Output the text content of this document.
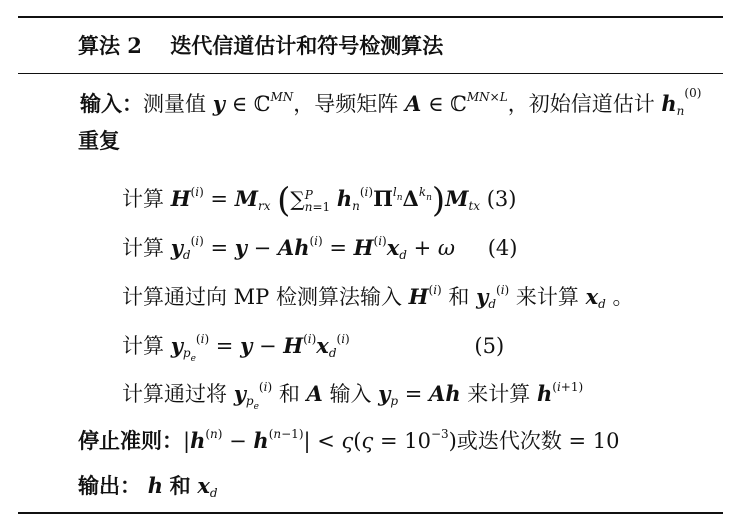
算法 2　 迭代信道估计和符号检测算法
输入：测量值 y ∈ ℂ$^{MN}$，导频矩阵 A ∈ ℂ$^{MN\times L}$，初始信道估计 $h_n^{(0)}$
重复
计算 $H^{(i)} = M_{rx}$ (∑P
n=1 $h_n^{(i)}\Pi^{l_n}\Delta^{k_n})M_{tx}$ (3)
计算 $y_d^{(i)} = y - Ah^{(i)} = H^{(i)}x_d + \omega$ (4)
计算通过向 MP 检测算法输入 $H^{(i)}$ 和 $y_d^{(i)}$ 来计算 $x_d$ 。
计算 $y_{p_e}^{(i)} = y - H^{(i)}x_d^{(i)}$	(5)
计算通过将 $y_{p_e}^{(i)}$ 和 A 输入 $y_p = Ah$ 来计算 $h^{(i+1)}$
停止准则：$|h^{(n)} - h^{(n-1)}| < \varsigma(\varsigma = 10^{-3})$或迭代次数 = 10
输出： h 和 $x_d$
